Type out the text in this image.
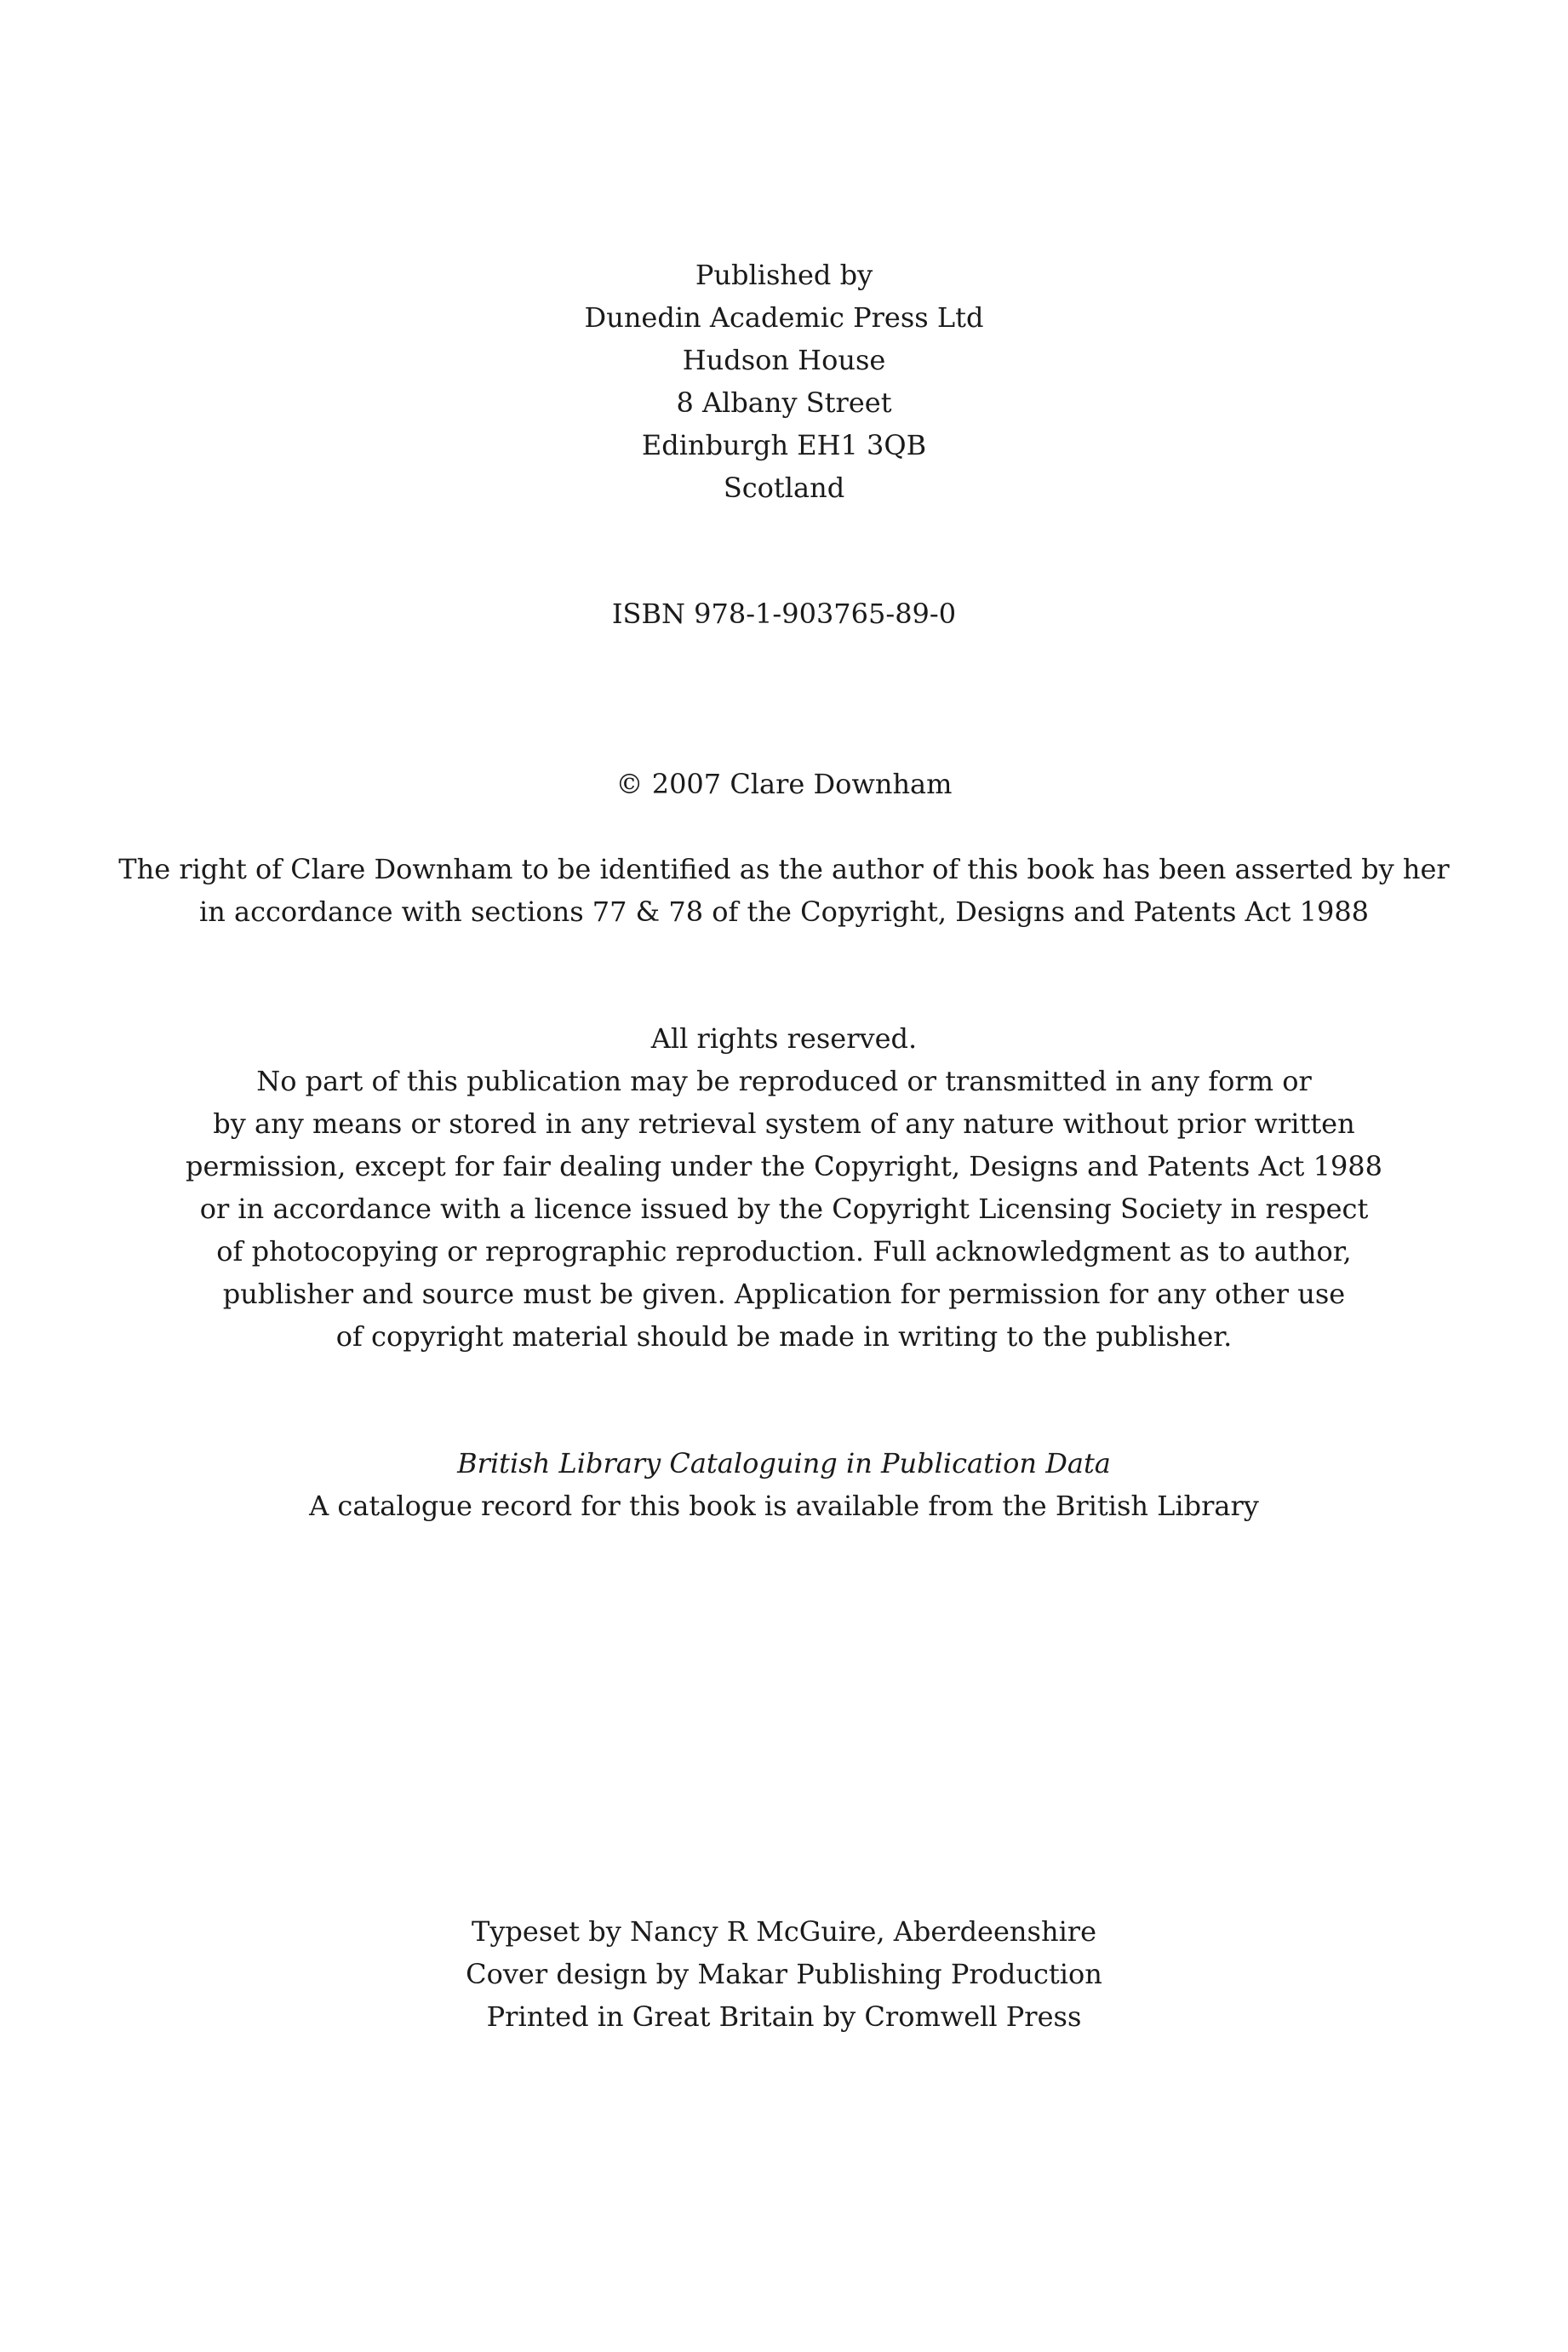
Published by
Dunedin Academic Press Ltd
Hudson House
8 Albany Street
Edinburgh EH1 3QB
Scotland
ISBN 978-1-903765-89-0
© 2007 Clare Downham
The right of Clare Downham to be identified as the author of this book has been asserted by her
in accordance with sections 77 & 78 of the Copyright, Designs and Patents Act 1988
All rights reserved.
No part of this publication may be reproduced or transmitted in any form or
by any means or stored in any retrieval system of any nature without prior written
permission, except for fair dealing under the Copyright, Designs and Patents Act 1988
or in accordance with a licence issued by the Copyright Licensing Society in respect
of photocopying or reprographic reproduction. Full acknowledgment as to author,
publisher and source must be given. Application for permission for any other use
of copyright material should be made in writing to the publisher.
British Library Cataloguing in Publication Data
A catalogue record for this book is available from the British Library
Typeset by Nancy R McGuire, Aberdeenshire
Cover design by Makar Publishing Production
Printed in Great Britain by Cromwell Press
